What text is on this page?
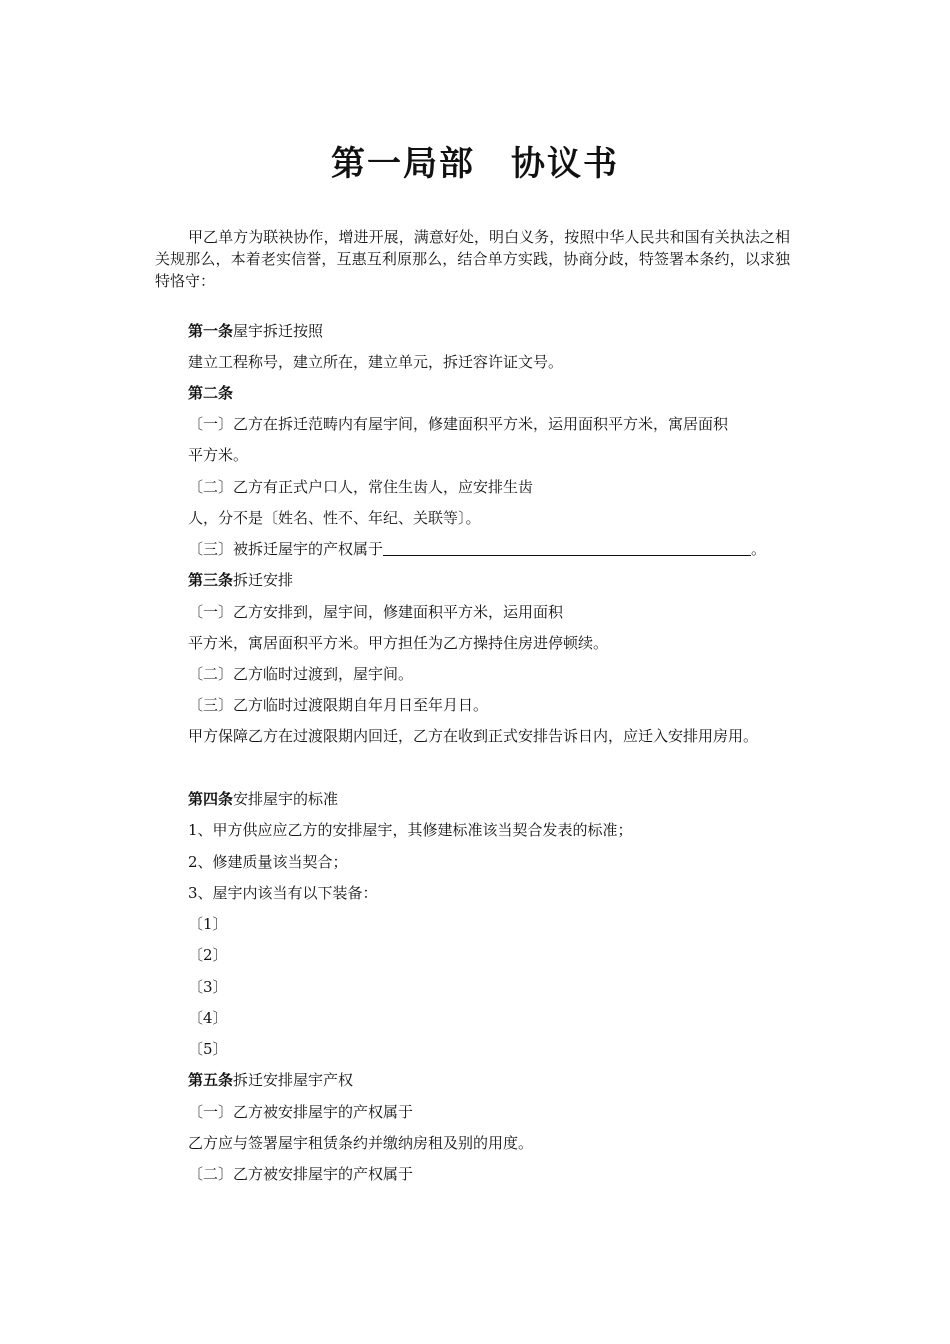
第一局部　协议书
甲乙单方为联袂协作，增进开展，满意好处，明白义务，按照中华人民共和国有关执法之相关规那么，本着老实信誉，互惠互利原那么，结合单方实践，协商分歧，特签署本条约，以求独特恪守：
第一条屋宇拆迁按照
建立工程称号，建立所在，建立单元，拆迁容许证文号。
第二条
〔一〕乙方在拆迁范畴内有屋宇间，修建面积平方米，运用面积平方米，寓居面积
平方米。
〔二〕乙方有正式户口人，常住生齿人，应安排生齿
人，分不是〔姓名、性不、年纪、关联等〕。
〔三〕被拆迁屋宇的产权属于	。
第三条拆迁安排
〔一〕乙方安排到，屋宇间，修建面积平方米，运用面积
平方米，寓居面积平方米。甲方担任为乙方操持住房进停顿续。
〔二〕乙方临时过渡到，屋宇间。
〔三〕乙方临时过渡限期自年月日至年月日。
甲方保障乙方在过渡限期内回迁，乙方在收到正式安排告诉日内，应迁入安排用房用。
第四条安排屋宇的标准
1、甲方供应应乙方的安排屋宇，其修建标准该当契合发表的标准；
2、修建质量该当契合；
3、屋宇内该当有以下装备：
〔1〕
〔2〕
〔3〕
〔4〕
〔5〕
第五条拆迁安排屋宇产权
〔一〕乙方被安排屋宇的产权属于
乙方应与签署屋宇租赁条约并缴纳房租及别的用度。
〔二〕乙方被安排屋宇的产权属于
